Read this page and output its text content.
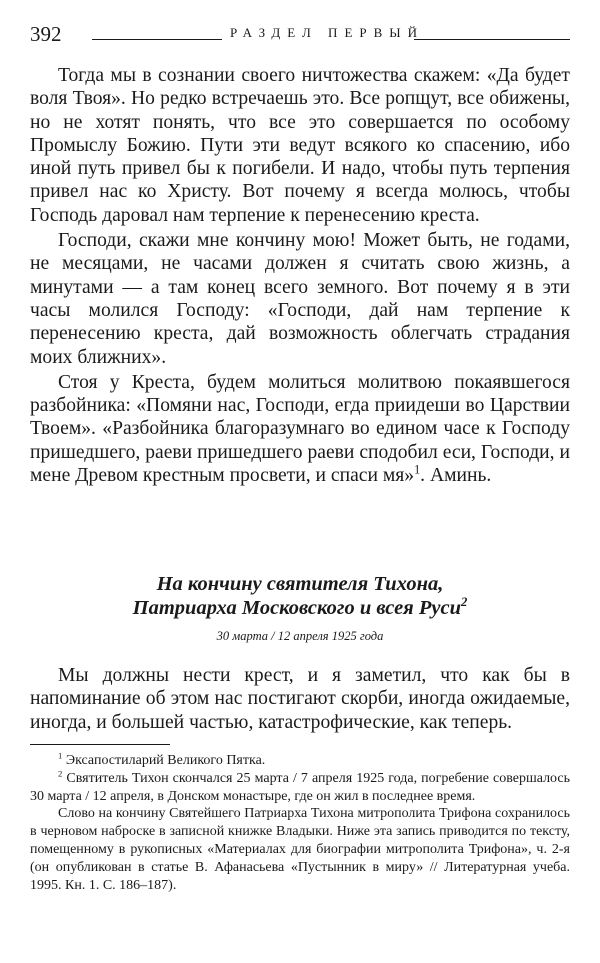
392	РАЗДЕЛ ПЕРВЫЙ

Тогда мы в сознании своего ничтожества скажем: «Да будет воля Твоя». Но редко встречаешь это. Все ропщут, все обижены, но не хотят понять, что все это совершается по особому Промыслу Божию. Пути эти ведут всякого ко спасению, ибо иной путь привел бы к погибели. И надо, чтобы путь терпения привел нас ко Христу. Вот почему я всегда молюсь, чтобы Господь даровал нам терпение к перенесению креста.

Господи, скажи мне кончину мою! Может быть, не годами, не месяцами, не часами должен я считать свою жизнь, а минутами — а там конец всего земного. Вот почему я в эти часы молился Господу: «Господи, дай нам терпение к перенесению креста, дай возможность облегчать страдания моих ближних».

Стоя у Креста, будем молиться молитвою покаявшегося разбойника: «Помяни нас, Господи, егда приидеши во Царствии Твоем». «Разбойника благоразумнаго во едином часе к Господу пришедшего, раеви пришедшего раеви сподобил еси, Господи, и мене Древом крестным просвети, и спаси мя»$^1$. Аминь.

На кончину святителя Тихона,
Патриарха Московского и всея Руси$^2$
30 марта / 12 апреля 1925 года

Мы должны нести крест, и я заметил, что как бы в напоминание об этом нас постигают скорби, иногда ожидаемые, иногда, и большей частью, катастрофические, как теперь.

$^1$ Эксапостиларий Великого Пятка.

$^2$ Святитель Тихон скончался 25 марта / 7 апреля 1925 года, погребение совершалось 30 марта / 12 апреля, в Донском монастыре, где он жил в последнее время.

Слово на кончину Святейшего Патриарха Тихона митрополита Трифона сохранилось в черновом наброске в записной книжке Владыки. Ниже эта запись приводится по тексту, помещенному в рукописных «Материалах для биографии митрополита Трифона», ч. 2-я (он опубликован в статье В. Афанасьева «Пустынник в миру» // Литературная учеба. 1995. Кн. 1. С. 186–187).
